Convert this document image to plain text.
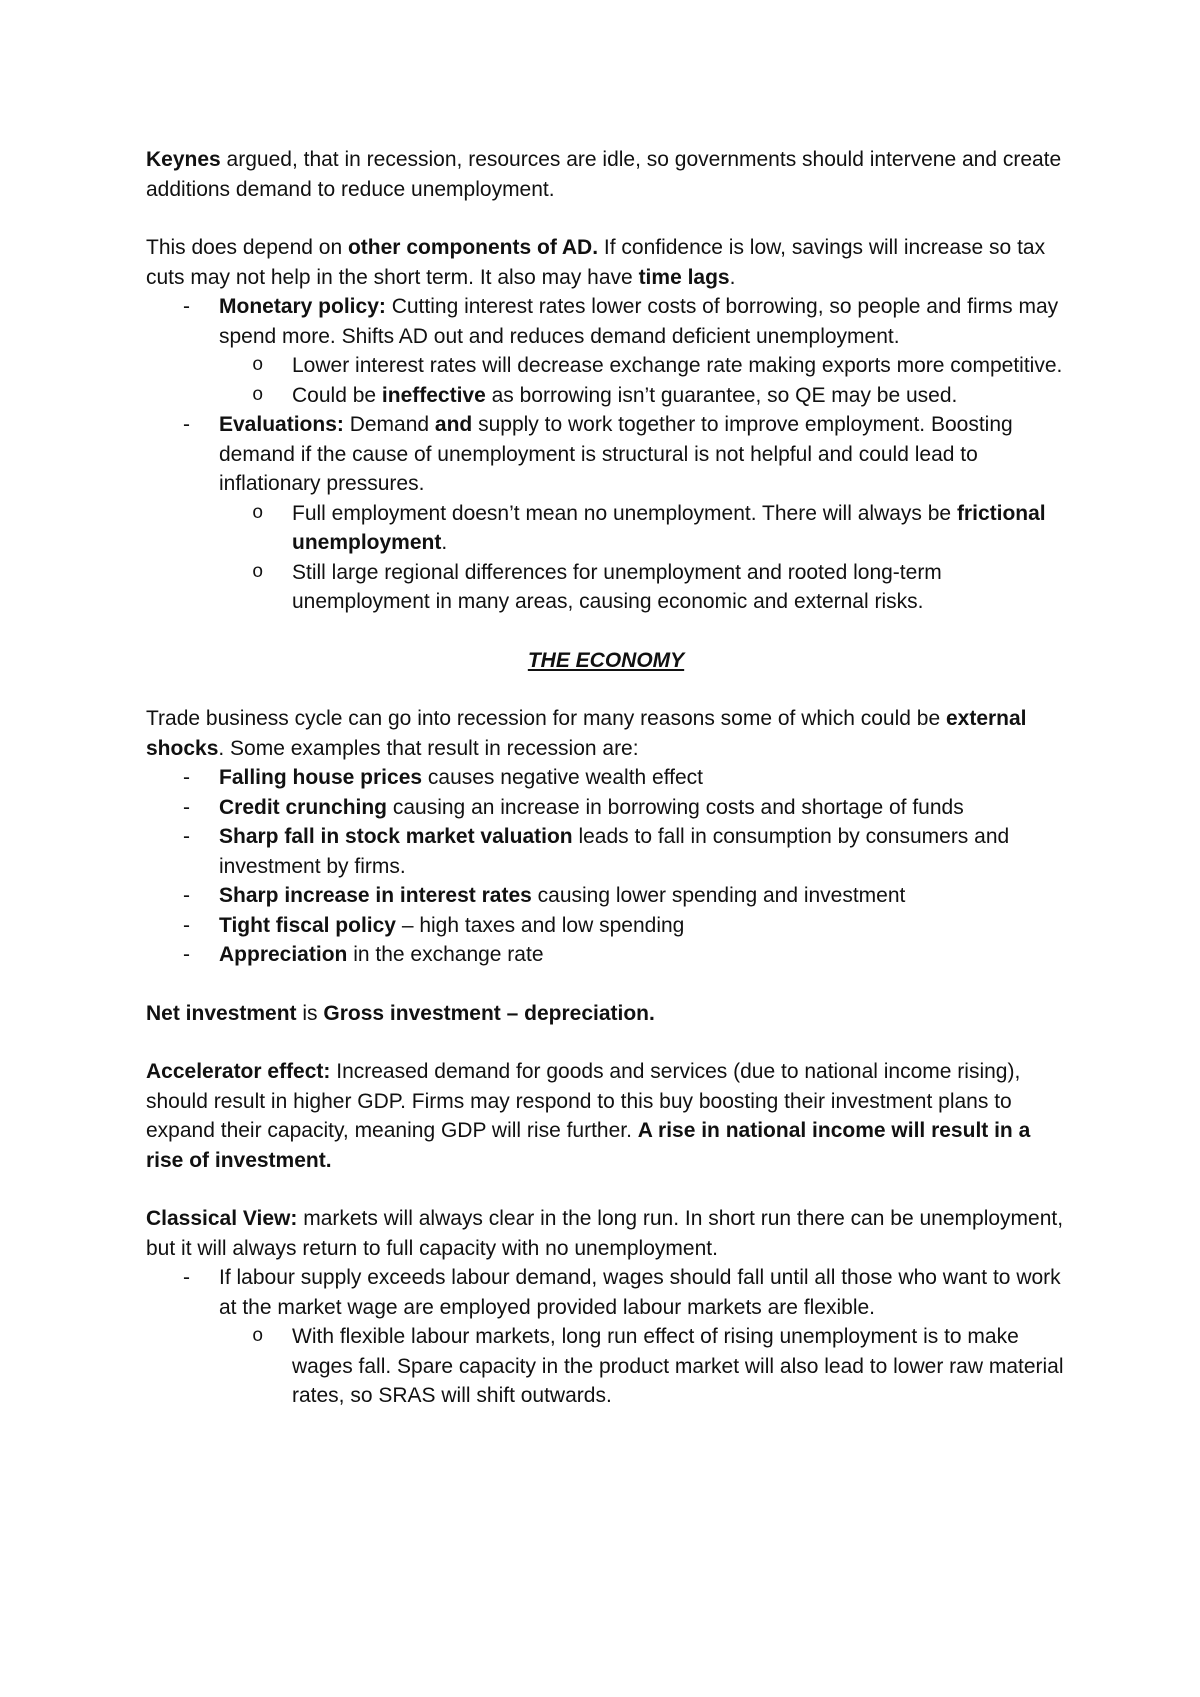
Keynes argued, that in recession, resources are idle, so governments should intervene and create additions demand to reduce unemployment.

This does depend on other components of AD. If confidence is low, savings will increase so tax cuts may not help in the short term. It also may have time lags.

- Monetary policy: Cutting interest rates lower costs of borrowing, so people and firms may spend more. Shifts AD out and reduces demand deficient unemployment.
o Lower interest rates will decrease exchange rate making exports more competitive.
o Could be ineffective as borrowing isn’t guarantee, so QE may be used.
- Evaluations: Demand and supply to work together to improve employment. Boosting demand if the cause of unemployment is structural is not helpful and could lead to inflationary pressures.
o Full employment doesn’t mean no unemployment. There will always be frictional unemployment.
o Still large regional differences for unemployment and rooted long-term unemployment in many areas, causing economic and external risks.

THE ECONOMY

Trade business cycle can go into recession for many reasons some of which could be external shocks. Some examples that result in recession are:

- Falling house prices causes negative wealth effect
- Credit crunching causing an increase in borrowing costs and shortage of funds
- Sharp fall in stock market valuation leads to fall in consumption by consumers and investment by firms.
- Sharp increase in interest rates causing lower spending and investment
- Tight fiscal policy – high taxes and low spending
- Appreciation in the exchange rate

Net investment is Gross investment – depreciation.

Accelerator effect: Increased demand for goods and services (due to national income rising), should result in higher GDP. Firms may respond to this buy boosting their investment plans to expand their capacity, meaning GDP will rise further. A rise in national income will result in a rise of investment.

Classical View: markets will always clear in the long run. In short run there can be unemployment, but it will always return to full capacity with no unemployment.

- If labour supply exceeds labour demand, wages should fall until all those who want to work at the market wage are employed provided labour markets are flexible.
o With flexible labour markets, long run effect of rising unemployment is to make wages fall. Spare capacity in the product market will also lead to lower raw material rates, so SRAS will shift outwards.
